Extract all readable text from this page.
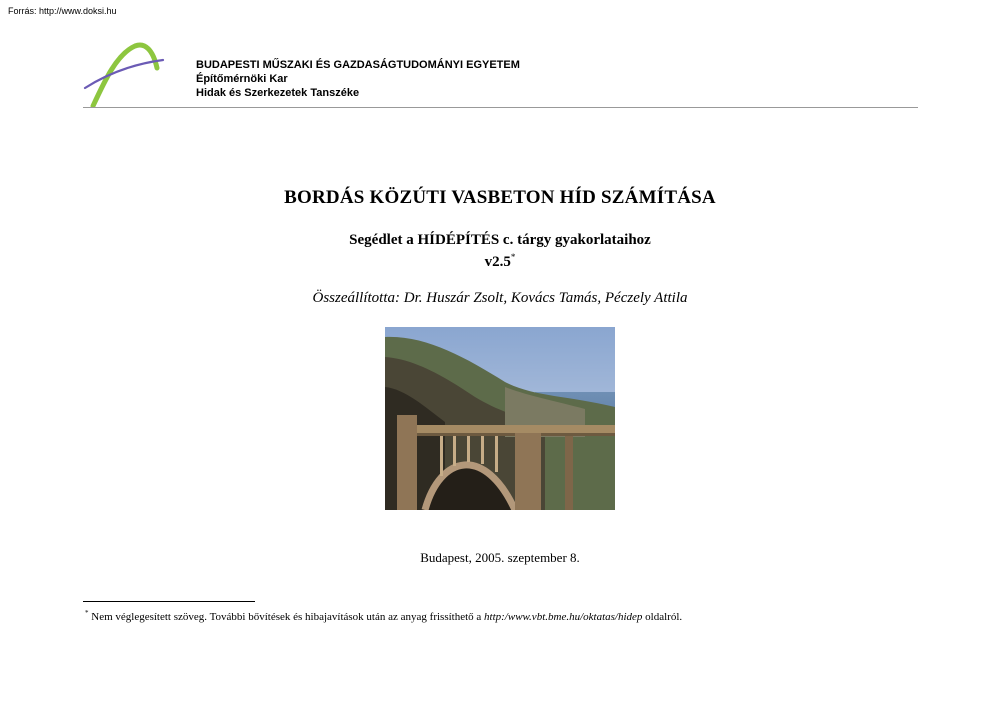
Forrás: http://www.doksi.hu
BUDAPESTI MŰSZAKI ÉS GAZDASÁGTUDOMÁNYI EGYETEM
Építőmérnöki Kar
Hidak és Szerkezetek Tanszéke
BORDÁS KÖZÚTI VASBETON HÍD SZÁMÍTÁSA
Segédlet a HÍDÉPÍTÉS c. tárgy gyakorlataihoz
v2.5*
Összeállította: Dr. Huszár Zsolt, Kovács Tamás, Péczely Attila
Budapest, 2005. szeptember 8.
* Nem véglegesített szöveg. További bővítések és hibajavítások után az anyag frissíthető a http:/www.vbt.bme.hu/oktatas/hidep oldalról.
